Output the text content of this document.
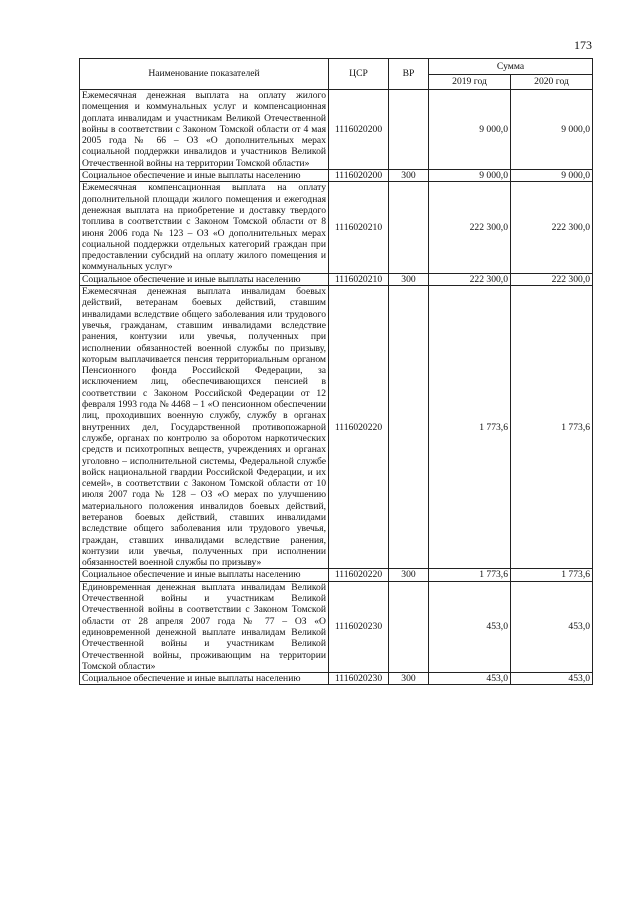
173
Наименование показателей	ЦСР	ВР	Сумма	
			2019 год	2020 год
Ежемесячная денежная выплата на оплату жилого помещения и коммунальных услуг и компенсационная доплата инвалидам и участникам Великой Отечественной войны в соответствии с Законом Томской области от 4 мая 2005 года № 66 – ОЗ «О дополнительных мерах социальной поддержки инвалидов и участников Великой Отечественной войны на территории Томской области»	1116020200		9 000,0	9 000,0
Социальное обеспечение и иные выплаты населению	1116020200	300	9 000,0	9 000,0
Ежемесячная компенсационная выплата на оплату дополнительной площади жилого помещения и ежегодная денежная выплата на приобретение и доставку твердого топлива в соответствии с Законом Томской области от 8 июня 2006 года № 123 – ОЗ «О дополнительных мерах социальной поддержки отдельных категорий граждан при предоставлении субсидий на оплату жилого помещения и коммунальных услуг»	1116020210		222 300,0	222 300,0
Социальное обеспечение и иные выплаты населению	1116020210	300	222 300,0	222 300,0
Ежемесячная денежная выплата инвалидам боевых действий, ветеранам боевых действий, ставшим инвалидами вследствие общего заболевания или трудового увечья, гражданам, ставшим инвалидами вследствие ранения, контузии или увечья, полученных при исполнении обязанностей военной службы по призыву, которым выплачивается пенсия территориальным органом Пенсионного фонда Российской Федерации, за исключением лиц, обеспечивающихся пенсией в соответствии с Законом Российской Федерации от 12 февраля 1993 года № 4468 – 1 «О пенсионном обеспечении лиц, проходивших военную службу, службу в органах внутренних дел, Государственной противопожарной службе, органах по контролю за оборотом наркотических средств и психотропных веществ, учреждениях и органах уголовно – исполнительной системы, Федеральной службе войск национальной гвардии Российской Федерации, и их семей», в соответствии с Законом Томской области от 10 июля 2007 года № 128 – ОЗ «О мерах по улучшению материального положения инвалидов боевых действий, ветеранов боевых действий, ставших инвалидами вследствие общего заболевания или трудового увечья, граждан, ставших инвалидами вследствие ранения, контузии или увечья, полученных при исполнении обязанностей военной службы по призыву»	1116020220		1 773,6	1 773,6
Социальное обеспечение и иные выплаты населению	1116020220	300	1 773,6	1 773,6
Единовременная денежная выплата инвалидам Великой Отечественной войны и участникам Великой Отечественной войны в соответствии с Законом Томской области от 28 апреля 2007 года № 77 – ОЗ «О единовременной денежной выплате инвалидам Великой Отечественной войны и участникам Великой Отечественной войны, проживающим на территории Томской области»	1116020230		453,0	453,0
Социальное обеспечение и иные выплаты населению	1116020230	300	453,0	453,0
